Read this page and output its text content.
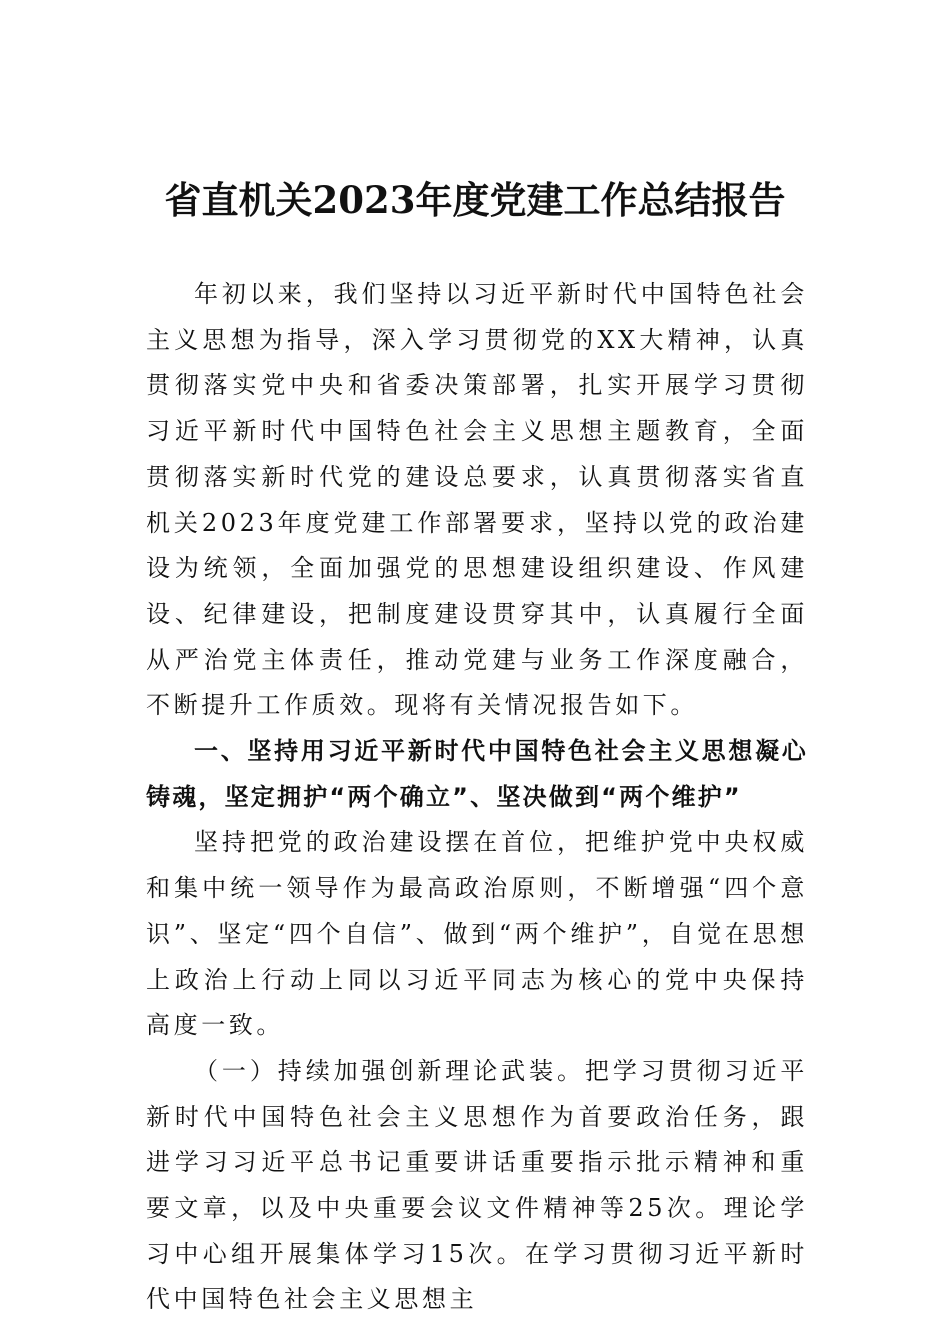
省直机关2023年度党建工作总结报告

年初以来，我们坚持以习近平新时代中国特色社会主义思想为指导，深入学习贯彻党的XX大精神，认真贯彻落实党中央和省委决策部署，扎实开展学习贯彻习近平新时代中国特色社会主义思想主题教育，全面贯彻落实新时代党的建设总要求，认真贯彻落实省直机关2023年度党建工作部署要求，坚持以党的政治建设为统领，全面加强党的思想建设组织建设、作风建设、纪律建设，把制度建设贯穿其中，认真履行全面从严治党主体责任，推动党建与业务工作深度融合，不断提升工作质效。现将有关情况报告如下。

一、坚持用习近平新时代中国特色社会主义思想凝心铸魂，坚定拥护“两个确立”、坚决做到“两个维护”

坚持把党的政治建设摆在首位，把维护党中央权威和集中统一领导作为最高政治原则，不断增强“四个意识”、坚定“四个自信”、做到“两个维护”，自觉在思想上政治上行动上同以习近平同志为核心的党中央保持高度一致。

（一）持续加强创新理论武装。把学习贯彻习近平新时代中国特色社会主义思想作为首要政治任务，跟进学习习近平总书记重要讲话重要指示批示精神和重要文章，以及中央重要会议文件精神等25次。理论学习中心组开展集体学习15次。在学习贯彻习近平新时代中国特色社会主义思想主
